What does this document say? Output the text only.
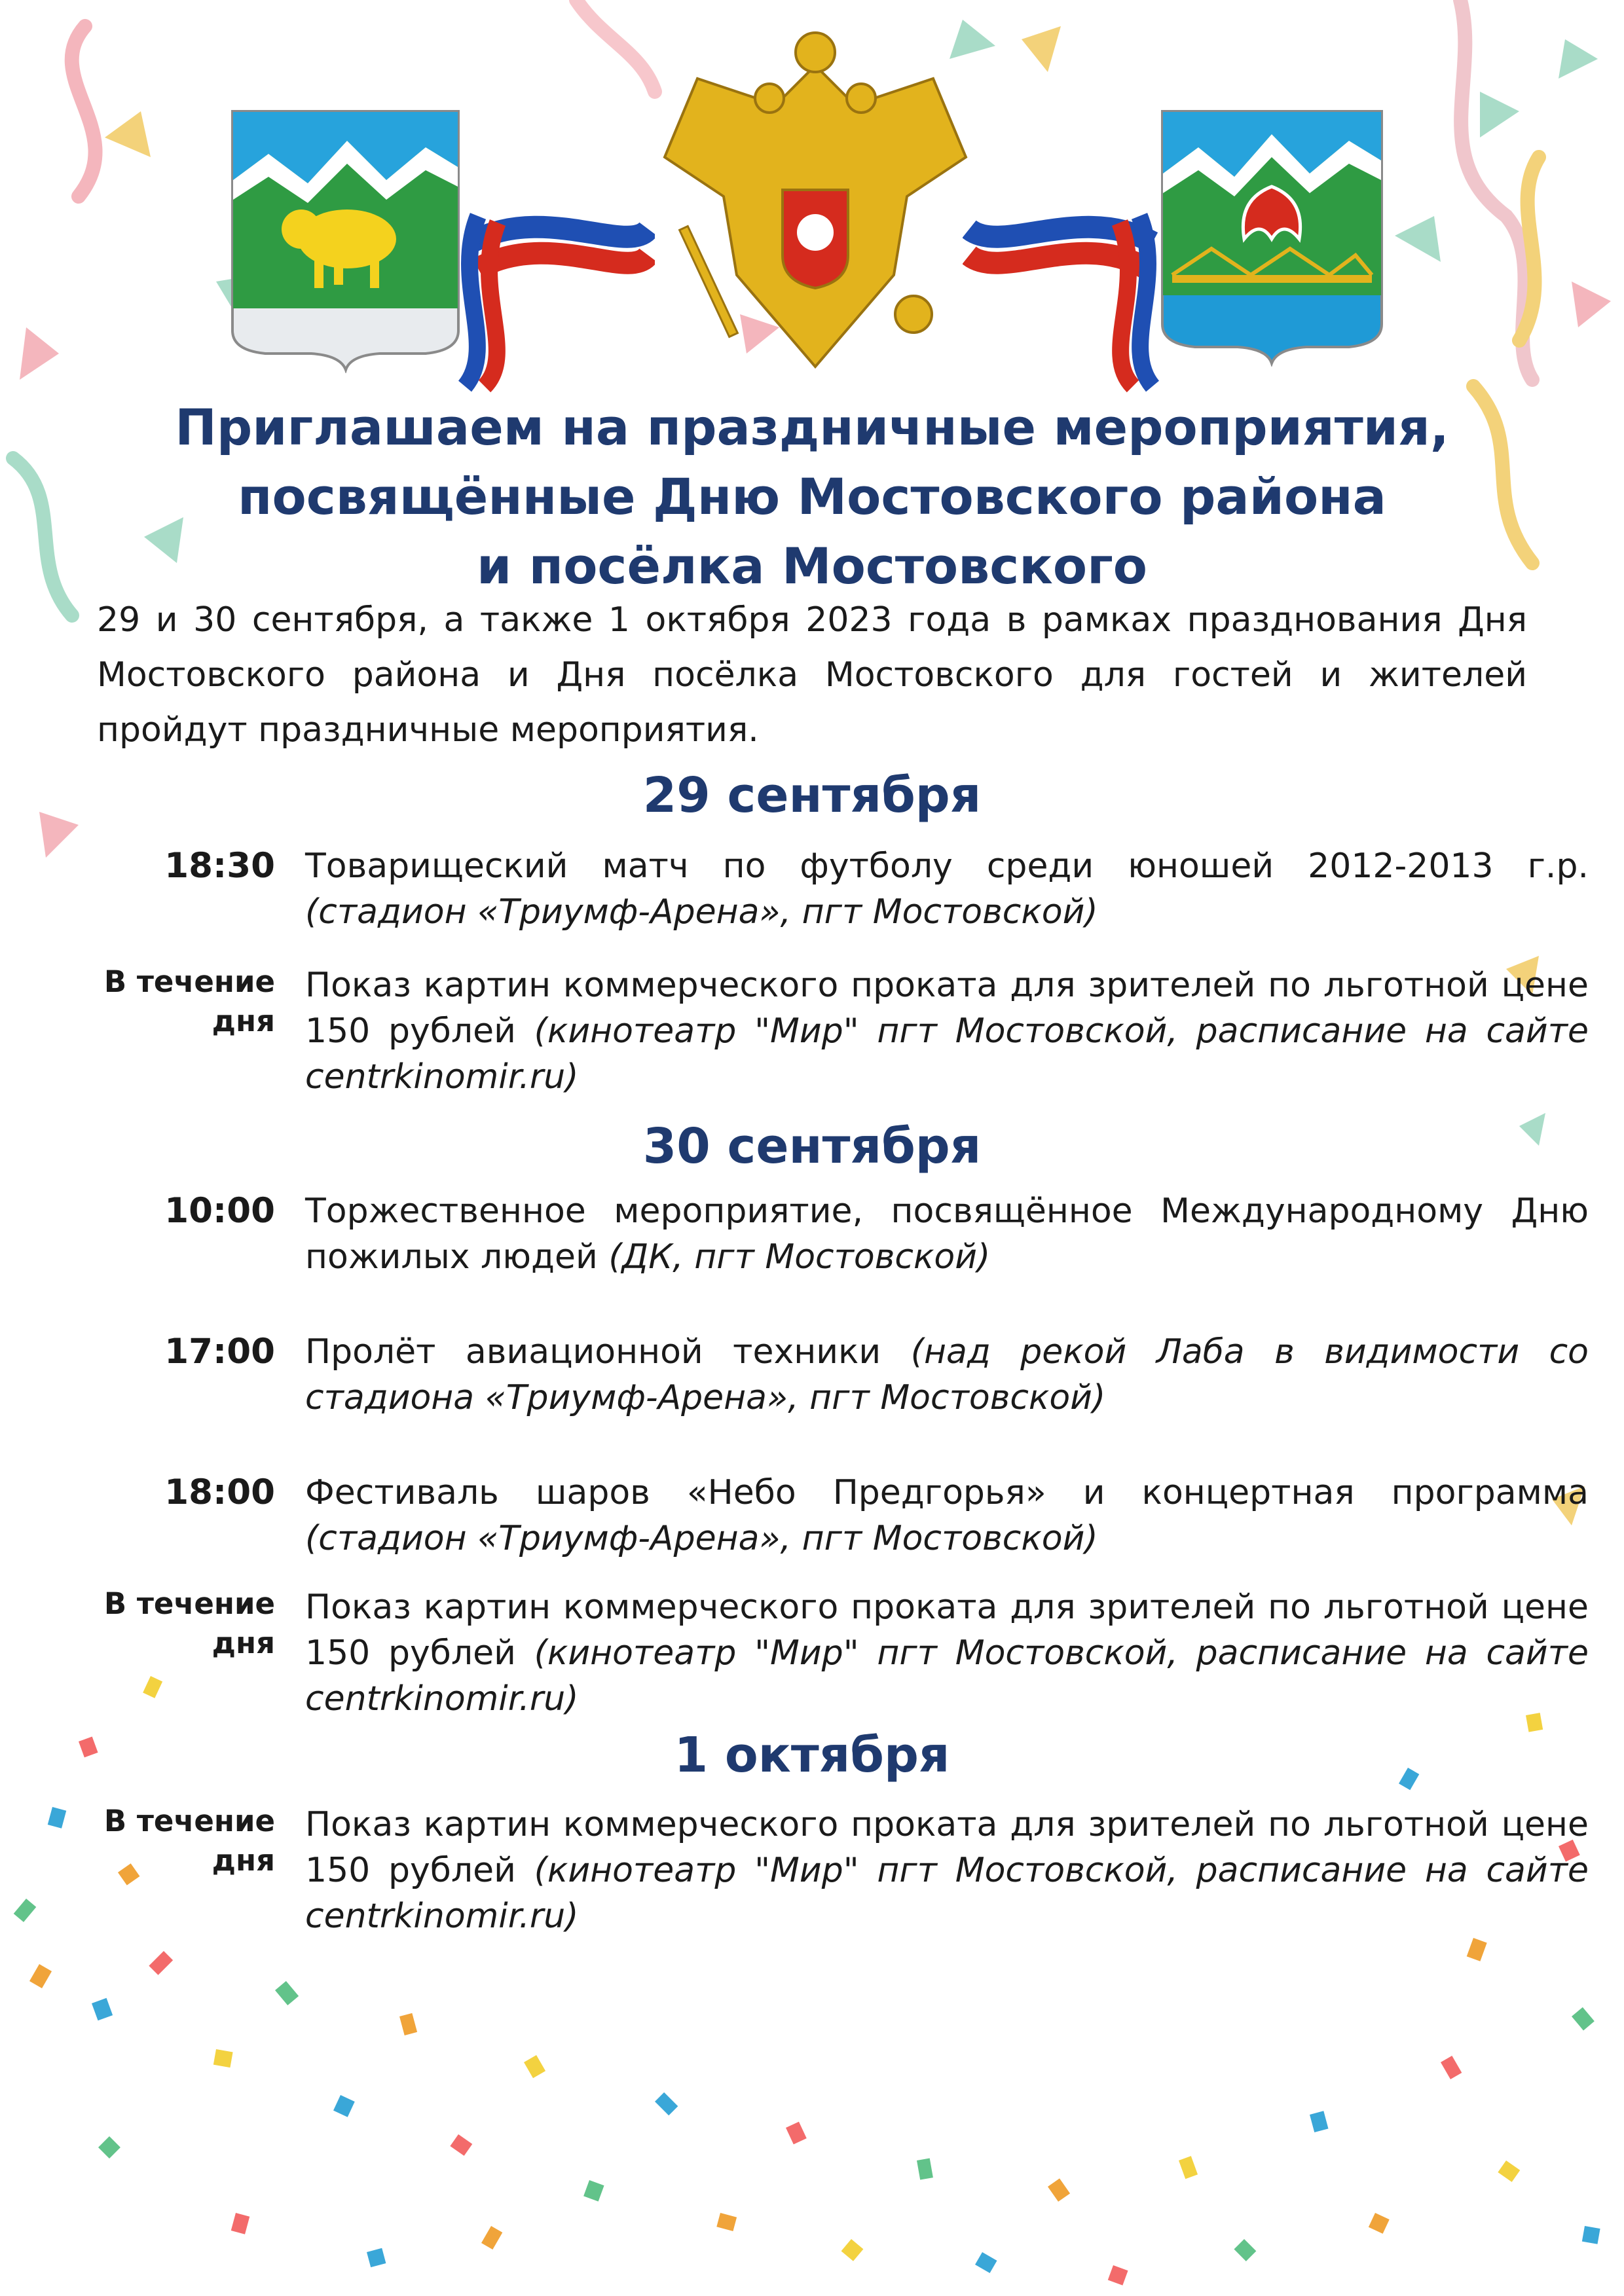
Приглашаем на праздничные мероприятия,
посвящённые Дню Мостовского района
и посёлка Мостовского
29 и 30 сентября, а также 1 октября 2023 года в рамках празднования Дня Мостовского района и Дня посёлка Мостовского для гостей и жителей пройдут праздничные мероприятия.
29 сентября
18:30 Товарищеский матч по футболу среди юношей 2012-2013 г.р. (стадион «Триумф-Арена», пгт Мостовской)
В течение
дня
Показ картин коммерческого проката для зрителей по льготной цене 150 рублей (кинотеатр "Мир" пгт Мостовской, расписание на сайте centrkinomir.ru)
30 сентября
10:00 Торжественное мероприятие, посвящённое Международному Дню пожилых людей (ДК, пгт Мостовской)
17:00 Пролёт авиационной техники (над рекой Лаба в видимости со стадиона «Триумф-Арена», пгт Мостовской)
18:00 Фестиваль шаров «Небо Предгорья» и концертная программа (стадион «Триумф-Арена», пгт Мостовской)
В течение
дня
Показ картин коммерческого проката для зрителей по льготной цене 150 рублей (кинотеатр "Мир" пгт Мостовской, расписание на сайте centrkinomir.ru)
1 октября
В течение
дня
Показ картин коммерческого проката для зрителей по льготной цене 150 рублей (кинотеатр "Мир" пгт Мостовской, расписание на сайте centrkinomir.ru)
